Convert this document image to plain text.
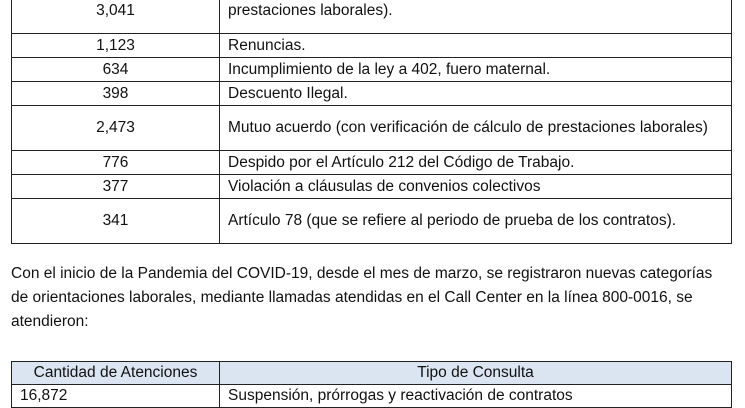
3,041	prestaciones laborales).
1,123	Renuncias.
634	Incumplimiento de la ley a 402, fuero maternal.
398	Descuento Ilegal.
2,473	Mutuo acuerdo (con verificación de cálculo de prestaciones laborales)
776	Despido por el Artículo 212 del Código de Trabajo.
377	Violación a cláusulas de convenios colectivos
341	Artículo 78 (que se refiere al periodo de prueba de los contratos).

Con el inicio de la Pandemia del COVID-19, desde el mes de marzo, se registraron nuevas categorías de orientaciones laborales, mediante llamadas atendidas en el Call Center en la línea 800-0016, se atendieron:

Cantidad de Atenciones	Tipo de Consulta
16,872	Suspensión, prórrogas y reactivación de contratos
